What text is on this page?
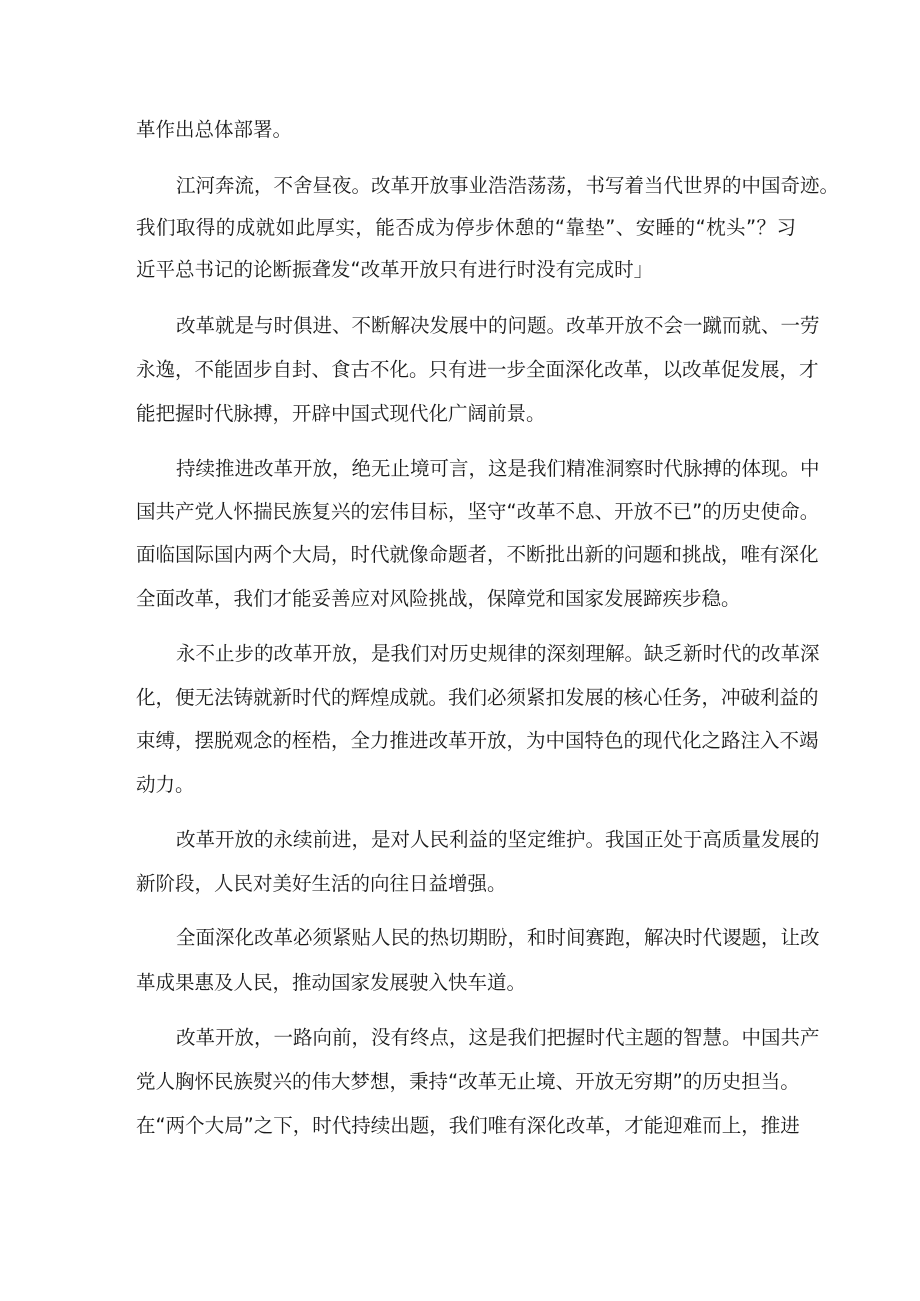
革作出总体部署。
江河奔流，不舍昼夜。改革开放事业浩浩荡荡，书写着当代世界的中国奇迹。
我们取得的成就如此厚实，能否成为停步休憩的“靠垫”、安睡的“枕头”？习
近平总书记的论断振聋发“改革开放只有进行时没有完成时」
改革就是与时俱进、不断解决发展中的问题。改革开放不会一蹴而就、一劳
永逸，不能固步自封、食古不化。只有进一步全面深化改革，以改革促发展，才
能把握时代脉搏，开辟中国式现代化广阔前景。
持续推进改革开放，绝无止境可言，这是我们精准洞察时代脉搏的体现。中
国共产党人怀揣民族复兴的宏伟目标，坚守“改革不息、开放不已”的历史使命。
面临国际国内两个大局，时代就像命题者，不断批出新的问题和挑战，唯有深化
全面改革，我们才能妥善应对风险挑战，保障党和国家发展蹄疾步稳。
永不止步的改革开放，是我们对历史规律的深刻理解。缺乏新时代的改革深
化，便无法铸就新时代的辉煌成就。我们必须紧扣发展的核心任务，冲破利益的
束缚，摆脱观念的桎梏，全力推进改革开放，为中国特色的现代化之路注入不竭
动力。
改革开放的永续前进，是对人民利益的坚定维护。我国正处于高质量发展的
新阶段，人民对美好生活的向往日益增强。
全面深化改革必须紧贴人民的热切期盼，和时间赛跑，解决时代谡题，让改
革成果惠及人民，推动国家发展驶入快车道。
改革开放，一路向前，没有终点，这是我们把握时代主题的智慧。中国共产
党人胸怀民族熨兴的伟大梦想，秉持“改革无止境、开放无穷期”的历史担当。
在“两个大局”之下，时代持续出题，我们唯有深化改革，才能迎难而上，推进
